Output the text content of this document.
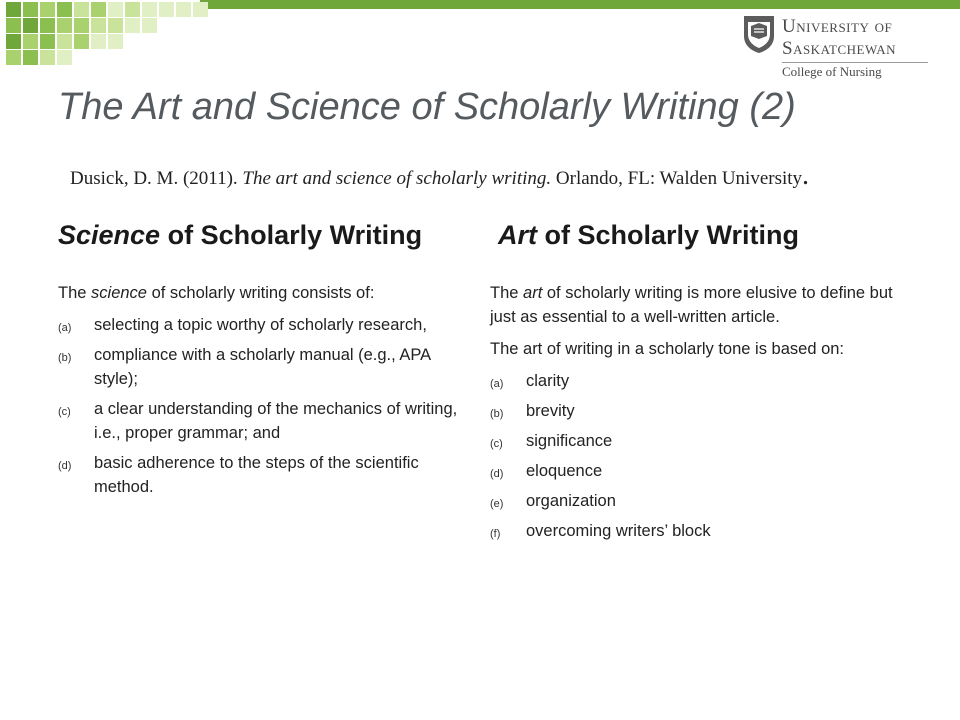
University of
Saskatchewan
College of Nursing
The Art and Science of Scholarly Writing (2)

Dusick, D. M. (2011). The art and science of scholarly writing. Orlando, FL: Walden University.

Science of Scholarly Writing

The science of scholarly writing consists of:

(a) selecting a topic worthy of scholarly research,
(b) compliance with a scholarly manual (e.g., APA style);
(c) a clear understanding of the mechanics of writing, i.e., proper grammar; and
(d) basic adherence to the steps of the scientific method.
Art of Scholarly Writing

The art of scholarly writing is more elusive to define but just as essential to a well-written article.

The art of writing in a scholarly tone is based on:

(a) clarity
(b) brevity
(c) significance
(d) eloquence
(e) organization
(f) overcoming writers’ block
